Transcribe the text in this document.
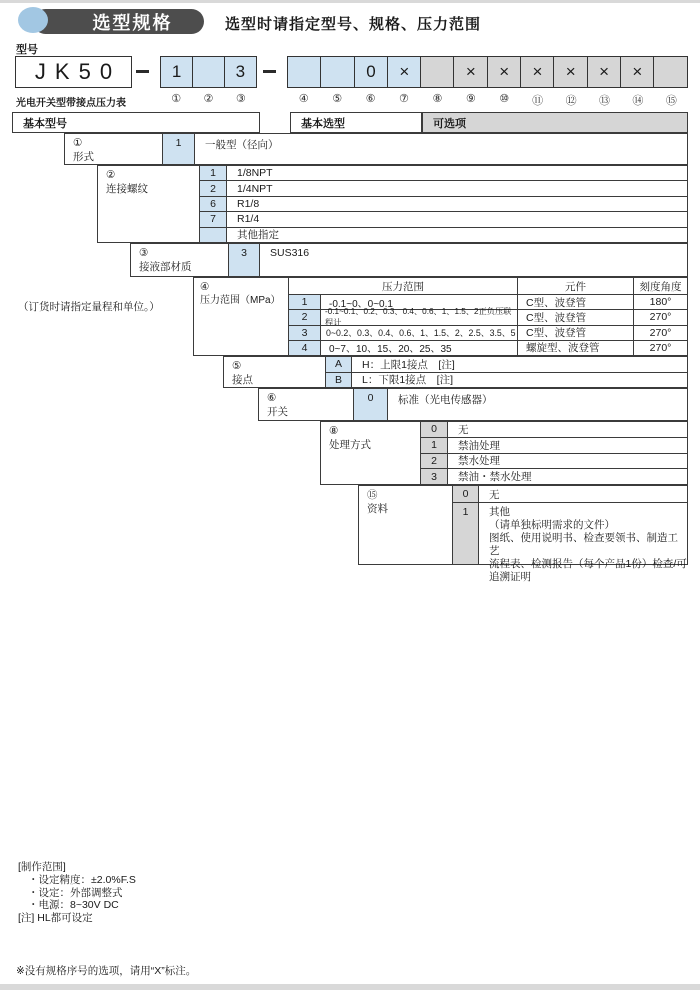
选型规格	选型时请指定型号、规格、压力范围
型号
JK50	1	3	0	×	×	×	×	×	×	×
①	②	③	④	⑤	⑥	⑦	⑧	⑨	⑩	⑪	⑫	⑬	⑭	⑮
光电开关型带接点压力表
基本型号	基本选型	可选项
①
形式
1	一般型（径向）
②
连接螺纹
1	1/8NPT
2	1/4NPT
6	R1/8
7	R1/4
其他指定
③
接液部材质
3	SUS316
④
压力范围（MPa）
压力范围	元件	刻度角度
1	-0.1~0、0~0.1	C型、波登管	180°
2	-0.1~0.1、0.2、0.3、0.4、0.6、1、1.5、2正负压联程计	C型、波登管	270°
3	0~0.2、0.3、0.4、0.6、1、1.5、2、2.5、3.5、5	C型、波登管	270°
4	0~7、10、15、20、25、35	螺旋型、波登管	270°
（订货时请指定量程和单位。）
⑤
接点
A	H：上限1接点　[注]
B	L：下限1接点　[注]
⑥
开关
0	标准（光电传感器）
⑧
处理方式
0	无
1	禁油处理
2	禁水处理
3	禁油・禁水处理
⑮
资料
0	无
1	其他
（请单独标明需求的文件）
图纸、使用说明书、检查要领书、制造工艺
流程表、检测报告（每个产品1份）检查/可
追溯证明
[制作范围]
・设定精度：±2.0%F.S
・设定：外部调整式
・电源：8~30V DC
[注] HL都可设定
※没有规格序号的选项，请用“X”标注。
